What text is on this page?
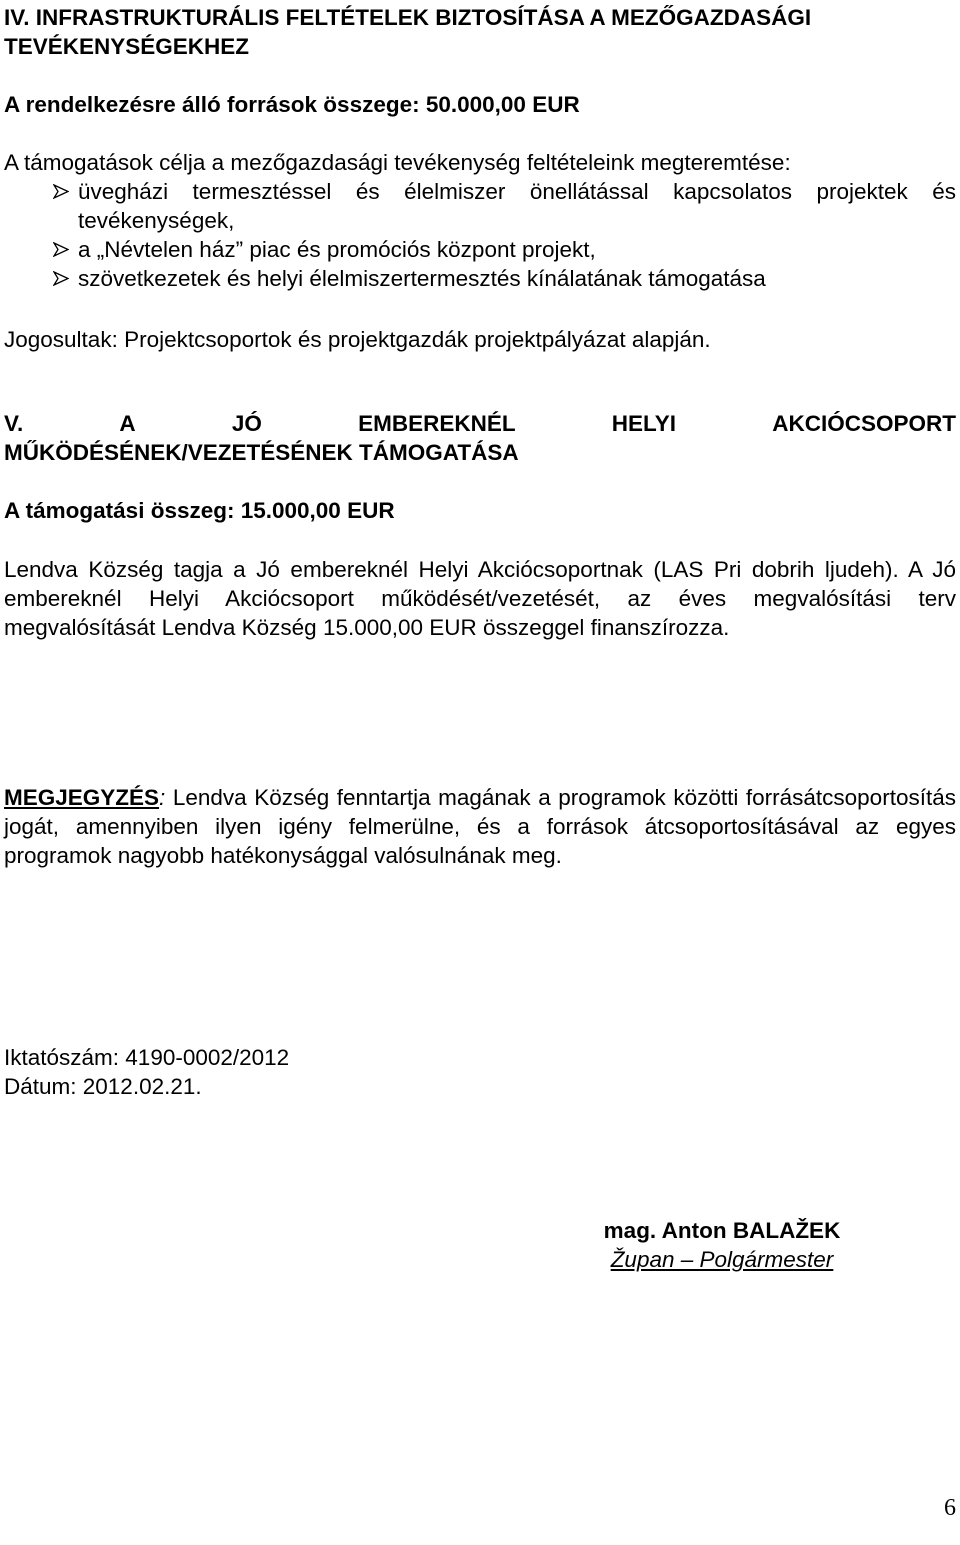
IV. INFRASTRUKTURÁLIS FELTÉTELEK BIZTOSÍTÁSA A MEZŐGAZDASÁGI
TEVÉKENYSÉGEKHEZ

A rendelkezésre álló források összege: 50.000,00 EUR

A támogatások célja a mezőgazdasági tevékenység feltételeink megteremtése:

üvegházi termesztéssel és élelmiszer önellátással kapcsolatos projektek és tevékenységek,
a „Névtelen ház” piac és promóciós központ projekt,
szövetkezetek és helyi élelmiszertermesztés kínálatának támogatása

Jogosultak: Projektcsoportok és projektgazdák projektpályázat alapján.

V.	A	JÓ	EMBEREKNÉL	HELYI	AKCIÓCSOPORT
MŰKÖDÉSÉNEK/VEZETÉSÉNEK TÁMOGATÁSA

A támogatási összeg: 15.000,00 EUR

Lendva Község tagja a Jó embereknél Helyi Akciócsoportnak (LAS Pri dobrih ljudeh). A Jó embereknél Helyi Akciócsoport működését/vezetését, az éves megvalósítási terv megvalósítását Lendva Község 15.000,00 EUR összeggel finanszírozza.

MEGJEGYZÉS: Lendva Község fenntartja magának a programok közötti forrásátcsoportosítás jogát, amennyiben ilyen igény felmerülne, és a források átcsoportosításával az egyes programok nagyobb hatékonysággal valósulnának meg.

Iktatószám: 4190-0002/2012
Dátum: 2012.02.21.
mag. Anton BALAŽEK
Župan – Polgármester
6
